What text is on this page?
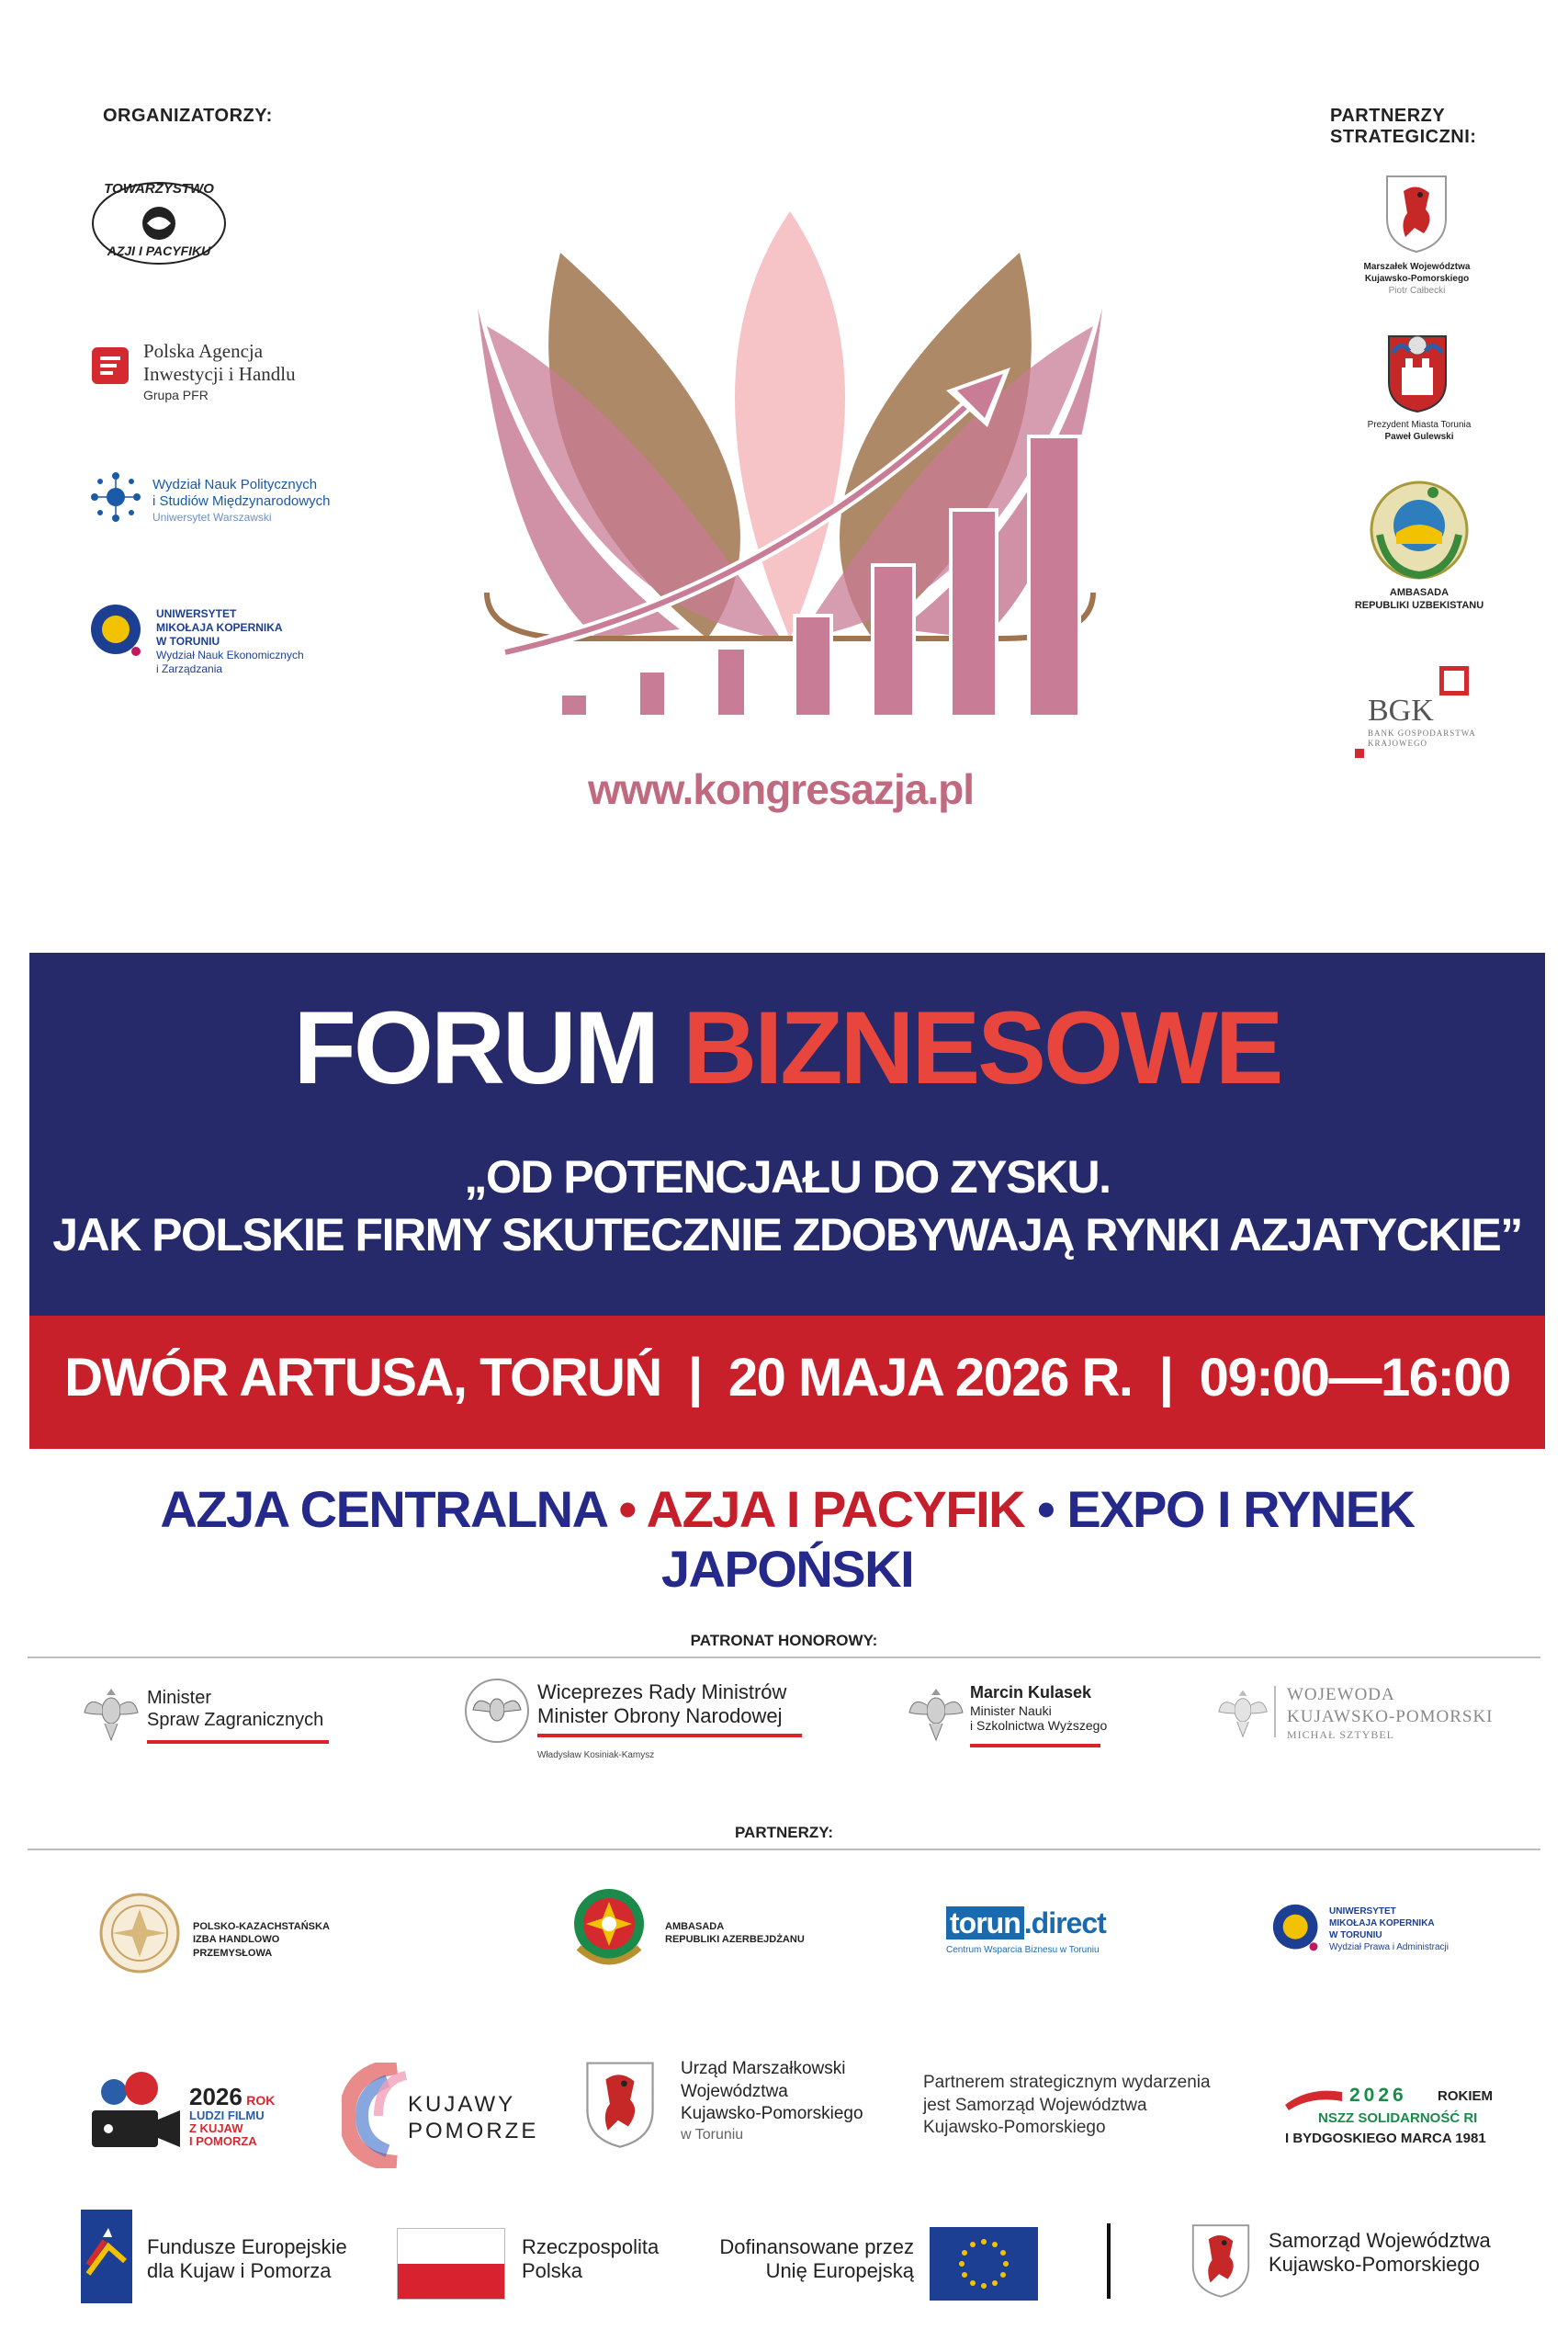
ORGANIZATORZY:	PARTNERZY STRATEGICZNI:
TOWARZYSTWO
AZJI I PACYFIKU
Polska Agencja
Inwestycji i Handlu
Grupa PFR
Wydział Nauk Politycznych
i Studiów Międzynarodowych
Uniwersytet Warszawski
UNIWERSYTET
MIKOŁAJA KOPERNIKA
W TORUNIU
Wydział Nauk Ekonomicznych
i Zarządzania
www.kongresazja.pl
Marszałek Województwa
Kujawsko-Pomorskiego
Piotr Całbecki
Prezydent Miasta Torunia
Paweł Gulewski
AMBASADA
REPUBLIKI UZBEKISTANU
BGK
BANK GOSPODARSTWA
KRAJOWEGO
FORUM BIZNESOWE
„OD POTENCJAŁU DO ZYSKU.
JAK POLSKIE FIRMY SKUTECZNIE ZDOBYWAJĄ RYNKI AZJATYCKIE”
DWÓR ARTUSA, TORUŃ  |  20 MAJA 2026 R.  |  09:00—16:00
AZJA CENTRALNA • AZJA I PACYFIK • EXPO I RYNEK JAPOŃSKI
PATRONAT HONOROWY:
Minister
Spraw Zagranicznych
Wiceprezes Rady Ministrów
Minister Obrony Narodowej
Władysław Kosiniak-Kamysz
Marcin Kulasek
Minister Nauki
i Szkolnictwa Wyższego
WOJEWODA
KUJAWSKO-POMORSKI
MICHAŁ SZTYBEL
PARTNERZY:
POLSKO-KAZACHSTAŃSKA
IZBA HANDLOWO PRZEMYSŁOWA
AMBASADA
REPUBLIKI AZERBEJDŻANU
torun .direct
Centrum Wsparcia Biznesu w Toruniu
UNIWERSYTET
MIKOŁAJA KOPERNIKA
W TORUNIU
Wydział Prawa i Administracji
2026 ROK
LUDZI FILMU
Z KUJAW
I POMORZA
KUJAWY
POMORZE
Urząd Marszałkowski
Województwa
Kujawsko-Pomorskiego
w Toruniu
Partnerem strategicznym wydarzenia
jest Samorząd Województwa
Kujawsko-Pomorskiego
2026 ROKIEM
NSZZ SOLIDARNOŚĆ RI
I BYDGOSKIEGO MARCA 1981
Fundusze Europejskie
dla Kujaw i Pomorza
Rzeczpospolita
Polska
Dofinansowane przez
Unię Europejską
Samorząd Województwa
Kujawsko-Pomorskiego
